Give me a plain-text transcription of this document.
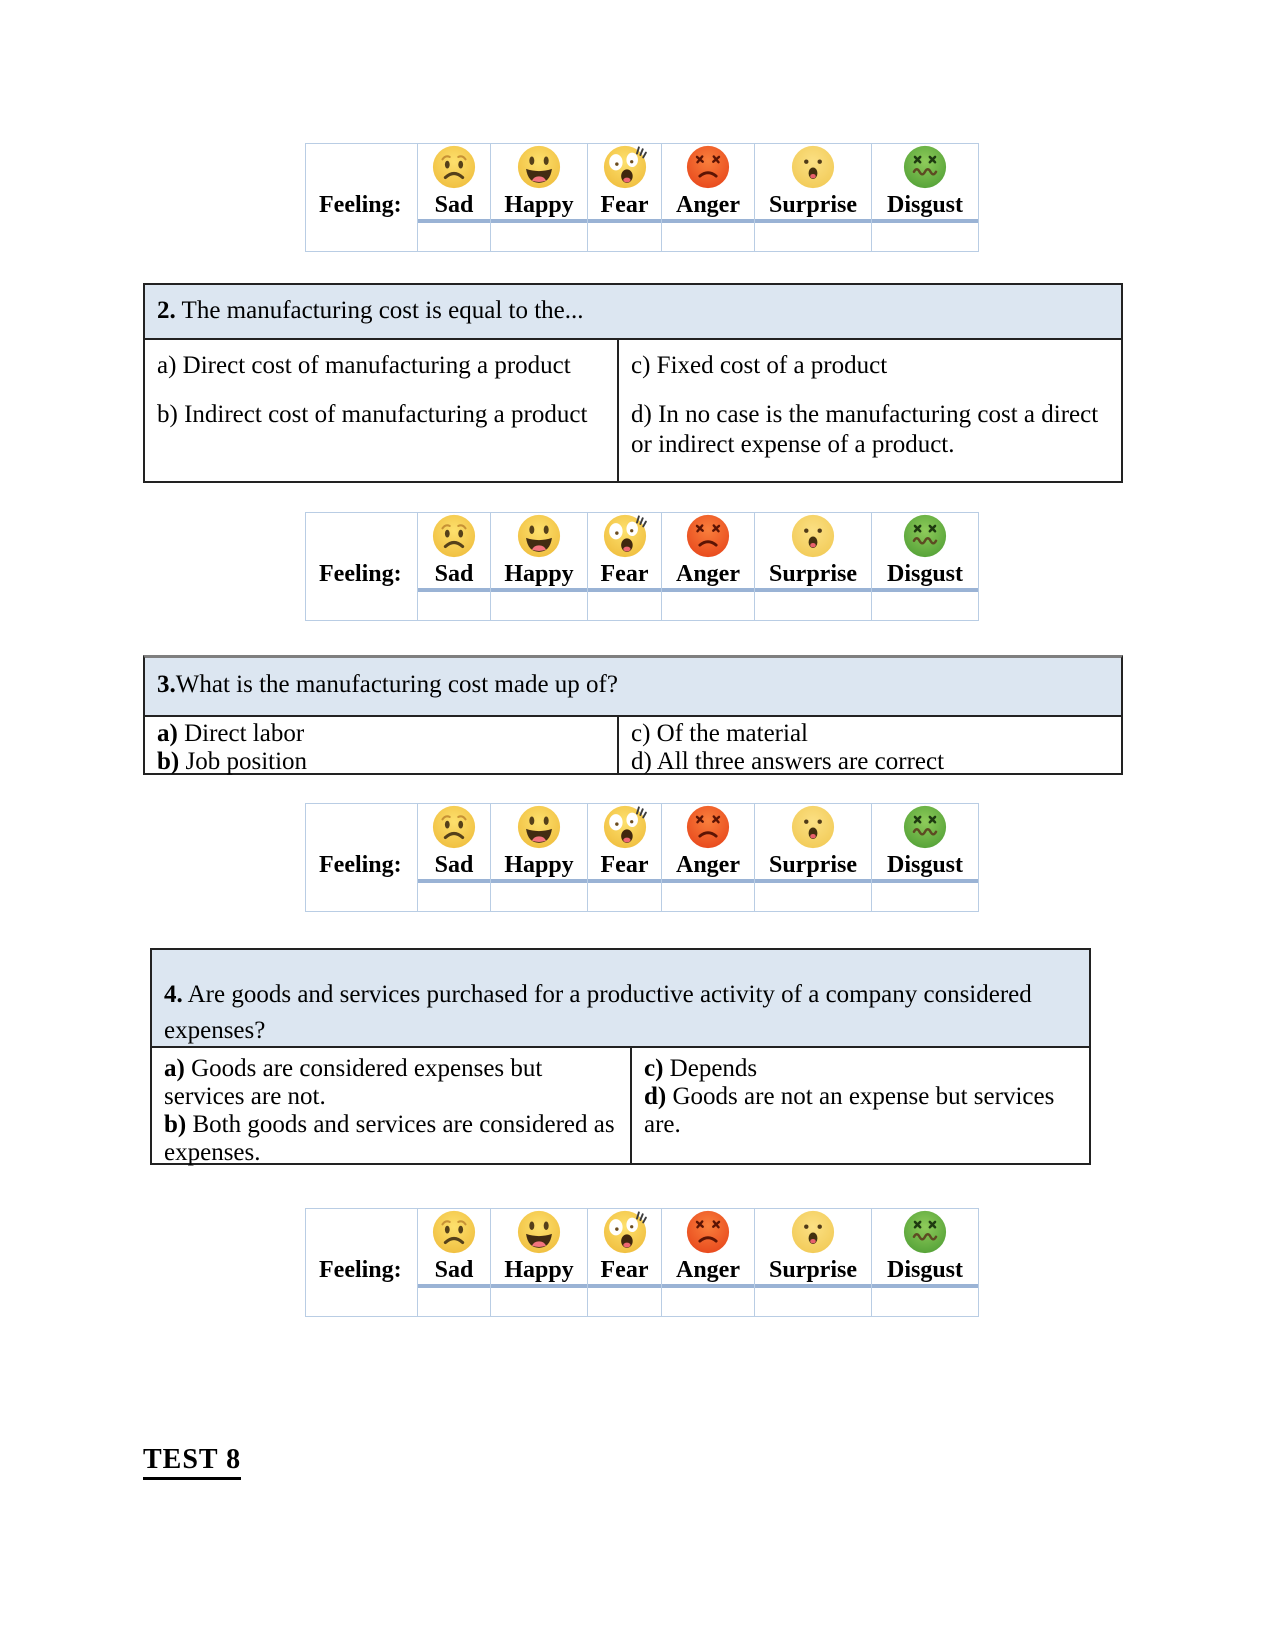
Feeling:	Sad Happy Fear Anger Surprise Disgust
2. The manufacturing cost is equal to the...

a) Direct cost of manufacturing a product

b) Indirect cost of manufacturing a product

c) Fixed cost of a product

d) In no case is the manufacturing cost a direct or indirect expense of a product.

Feeling:	Sad Happy Fear Anger Surprise Disgust
3.What is the manufacturing cost made up of?

a) Direct labor

b) Job position

c) Of the material

d) All three answers are correct

Feeling:	Sad Happy Fear Anger Surprise Disgust
4. Are goods and services purchased for a productive activity of a company considered expenses?

a) Goods are considered expenses but services are not.

b) Both goods and services are considered as expenses.

c) Depends

d) Goods are not an expense but services are.

Feeling:	Sad Happy Fear Anger Surprise Disgust
TEST 8
